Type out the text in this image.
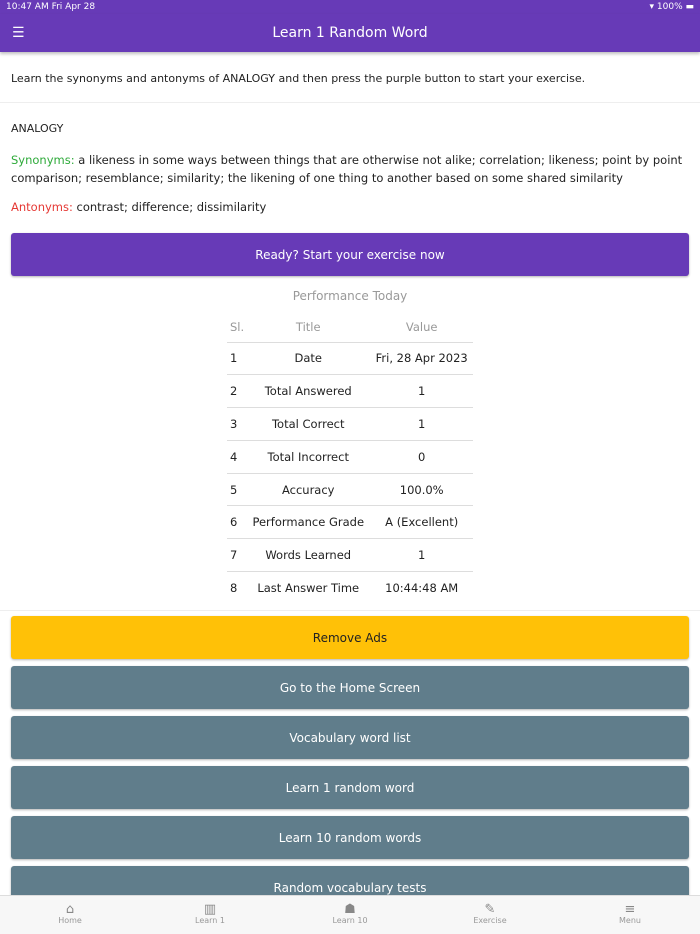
10:47 AM Fri Apr 28	▾ 100% ▬
☰	Learn 1 Random Word
Learn the synonyms and antonyms of ANALOGY and then press the purple button to start your exercise.
ANALOGY
Synonyms: a likeness in some ways between things that are otherwise not alike; correlation; likeness; point by point comparison; resemblance; similarity; the likening of one thing to another based on some shared similarity
Antonyms: contrast; difference; dissimilarity
Ready? Start your exercise now
Performance Today
Sl.	Title	Value
1	Date	Fri, 28 Apr 2023
2	Total Answered	1
3	Total Correct	1
4	Total Incorrect	0
5	Accuracy	100.0%
6	Performance Grade	A (Excellent)
7	Words Learned	1
8	Last Answer Time	10:44:48 AM
Remove Ads
Go to the Home Screen
Vocabulary word list
Learn 1 random word
Learn 10 random words
Random vocabulary tests
⌂
Home
▥
Learn 1
☗
Learn 10
✎
Exercise
≡
Menu
